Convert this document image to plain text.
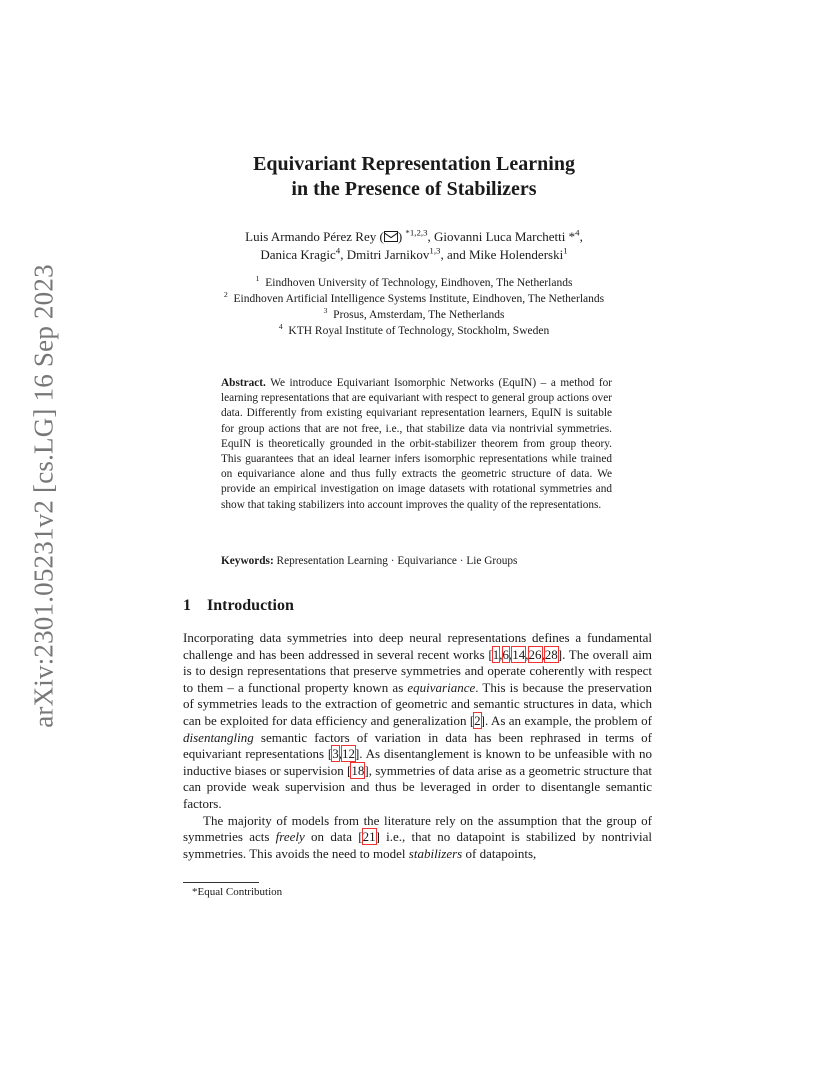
arXiv:2301.05231v2 [cs.LG] 16 Sep 2023
Equivariant Representation Learning
in the Presence of Stabilizers
Luis Armando Pérez Rey ( ) $^{*1,2,3}$, Giovanni Luca Marchetti *$^4$,
Danica Kragic$^4$, Dmitri Jarnikov$^{1,3}$, and Mike Holenderski$^1$
$^1$ Eindhoven University of Technology, Eindhoven, The Netherlands
$^2$ Eindhoven Artificial Intelligence Systems Institute, Eindhoven, The Netherlands
$^3$ Prosus, Amsterdam, The Netherlands
$^4$ KTH Royal Institute of Technology, Stockholm, Sweden
Abstract. We introduce Equivariant Isomorphic Networks (EquIN) – a method for learning representations that are equivariant with respect to general group actions over data. Differently from existing equivariant representation learners, EquIN is suitable for group actions that are not free, i.e., that stabilize data via nontrivial symmetries. EquIN is theoretically grounded in the orbit-stabilizer theorem from group theory. This guarantees that an ideal learner infers isomorphic representations while trained on equivariance alone and thus fully extracts the geometric structure of data. We provide an empirical investigation on image datasets with rotational symmetries and show that taking stabilizers into account improves the quality of the representations.
Keywords: Representation Learning · Equivariance · Lie Groups
1 Introduction

Incorporating data symmetries into deep neural representations defines a fundamental challenge and has been addressed in several recent works [1,6,14,26,28]. The overall aim is to design representations that preserve symmetries and operate coherently with respect to them – a functional property known as equivariance. This is because the preservation of symmetries leads to the extraction of geometric and semantic structures in data, which can be exploited for data efficiency and generalization [2]. As an example, the problem of disentangling semantic factors of variation in data has been rephrased in terms of equivariant representations [3,12]. As disentanglement is known to be unfeasible with no inductive biases or supervision [18], symmetries of data arise as a geometric structure that can provide weak supervision and thus be leveraged in order to disentangle semantic factors.

The majority of models from the literature rely on the assumption that the group of symmetries acts freely on data [21] i.e., that no datapoint is stabilized by nontrivial symmetries. This avoids the need to model stabilizers of datapoints,

*Equal Contribution
